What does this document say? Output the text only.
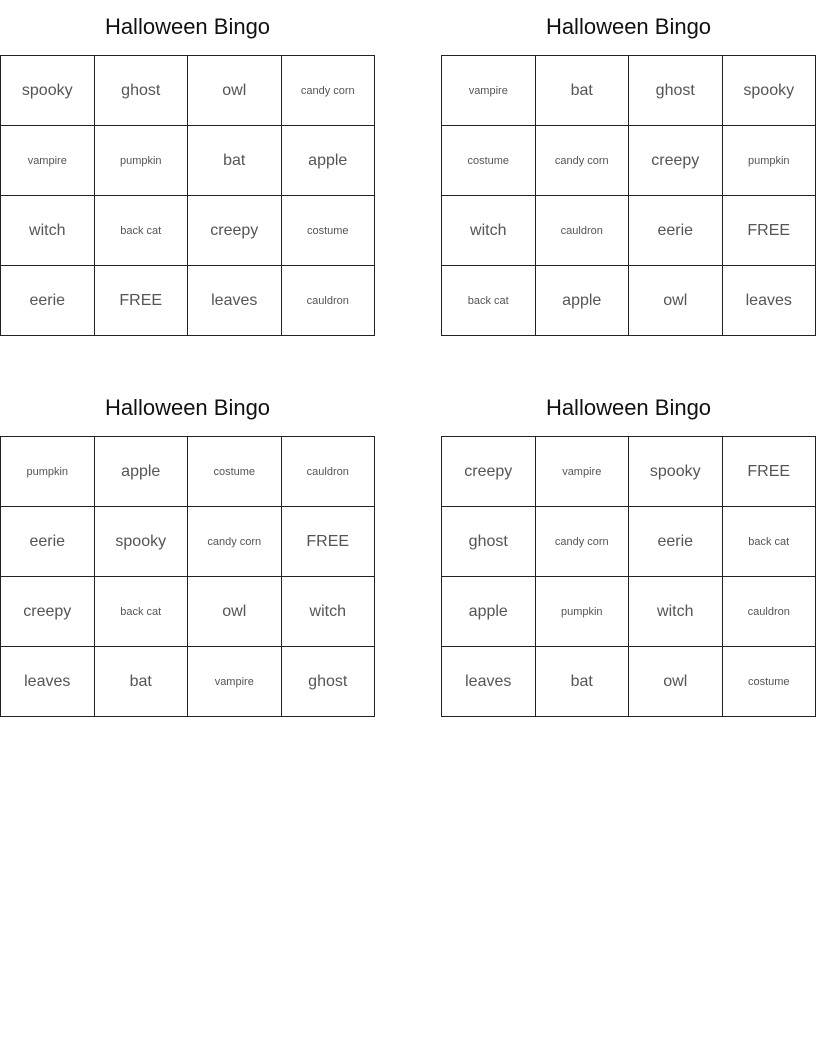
Halloween Bingo
spooky	ghost	owl	candy corn
vampire	pumpkin	bat	apple
witch	back cat	creepy	costume
eerie	FREE	leaves	cauldron
Halloween Bingo
vampire	bat	ghost	spooky
costume	candy corn	creepy	pumpkin
witch	cauldron	eerie	FREE
back cat	apple	owl	leaves
Halloween Bingo
pumpkin	apple	costume	cauldron
eerie	spooky	candy corn	FREE
creepy	back cat	owl	witch
leaves	bat	vampire	ghost
Halloween Bingo
creepy	vampire	spooky	FREE
ghost	candy corn	eerie	back cat
apple	pumpkin	witch	cauldron
leaves	bat	owl	costume
